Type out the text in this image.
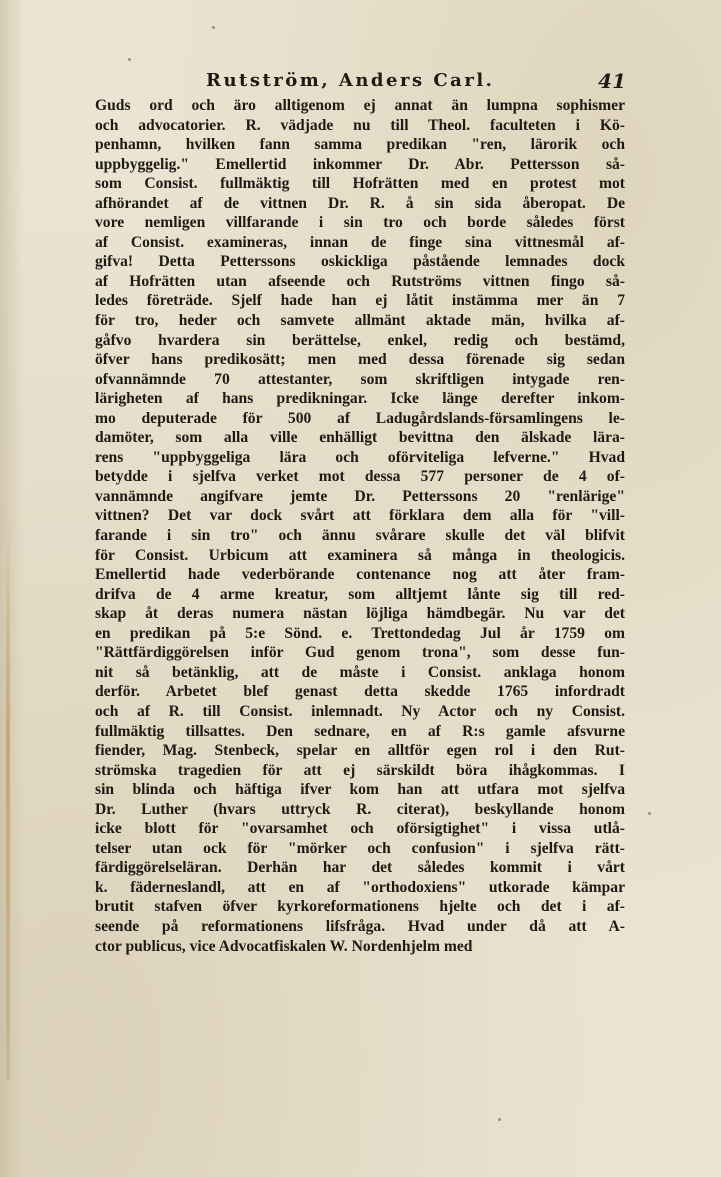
Rutström, Anders Carl.	41
Guds ord och äro alltigenom ej annat än lumpna sophismer
och advocatorier. R. vädjade nu till Theol. faculteten i Kö-
penhamn, hvilken fann samma predikan "ren, lärorik och
uppbyggelig." Emellertid inkommer Dr. Abr. Pettersson så-
som Consist. fullmäktig till Hofrätten med en protest mot
afhörandet af de vittnen Dr. R. å sin sida åberopat. De
vore nemligen villfarande i sin tro och borde således först
af Consist. examineras, innan de finge sina vittnesmål af-
gifva! Detta Petterssons oskickliga påstående lemnades dock
af Hofrätten utan afseende och Rutströms vittnen fingo så-
ledes företräde. Sjelf hade han ej låtit instämma mer än 7
för tro, heder och samvete allmänt aktade män, hvilka af-
gåfvo hvardera sin berättelse, enkel, redig och bestämd,
öfver hans predikosätt; men med dessa förenade sig sedan
ofvannämnde 70 attestanter, som skriftligen intygade ren-
lärigheten af hans predikningar. Icke länge derefter inkom-
mo deputerade för 500 af Ladugårdslands-församlingens le-
damöter, som alla ville enhälligt bevittna den älskade lära-
rens "uppbyggeliga lära och oförviteliga lefverne." Hvad
betydde i sjelfva verket mot dessa 577 personer de 4 of-
vannämnde angifvare jemte Dr. Petterssons 20 "renlärige"
vittnen? Det var dock svårt att förklara dem alla för "vill-
farande i sin tro" och ännu svårare skulle det väl blifvit
för Consist. Urbicum att examinera så många in theologicis.
Emellertid hade vederbörande contenance nog att åter fram-
drifva de 4 arme kreatur, som alltjemt lånte sig till red-
skap åt deras numera nästan löjliga hämdbegär. Nu var det
en predikan på 5:e Sönd. e. Trettondedag Jul år 1759 om
"Rättfärdiggörelsen inför Gud genom trona", som desse fun-
nit så betänklig, att de måste i Consist. anklaga honom
derför. Arbetet blef genast detta skedde 1765 infordradt
och af R. till Consist. inlemnadt. Ny Actor och ny Consist.
fullmäktig tillsattes. Den sednare, en af R:s gamle afsvurne
fiender, Mag. Stenbeck, spelar en alltför egen rol i den Rut-
strömska tragedien för att ej särskildt böra ihågkommas. I
sin blinda och häftiga ifver kom han att utfara mot sjelfva
Dr. Luther (hvars uttryck R. citerat), beskyllande honom
icke blott för "ovarsamhet och oförsigtighet" i vissa utlå-
telser utan ock för "mörker och confusion" i sjelfva rätt-
färdiggörelseläran. Derhän har det således kommit i vårt
k. fäderneslandl, att en af "orthodoxiens" utkorade kämpar
brutit stafven öfver kyrkoreformationens hjelte och det i af-
seende på reformationens lifsfråga. Hvad under då att A-
ctor publicus, vice Advocatfiskalen W. Nordenhjelm med
